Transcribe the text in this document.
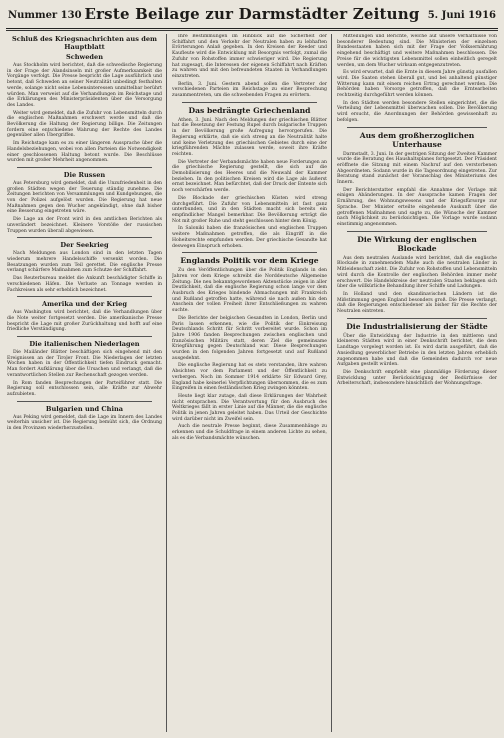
Nummer 130 Erste Beilage zur Darmstädter Zeitung 5. Juni 1916
Schluß des Kriegsnachrichten aus dem Hauptblatt
Schweden
Aus Stockholm wird berichtet, daß die schwedische Regierung in der Frage der Alandsinseln mit großer Aufmerksamkeit die Vorgänge verfolgt. Die Presse bespricht die Lage ausführlich und betont, daß Schweden an seiner Neutralität unbedingt festhalten werde, solange nicht seine Lebensinteressen unmittelbar berührt würden. Man verweist auf die Verhandlungen im Reichstage und die Erklärungen des Ministerpräsidenten über die Versorgung des Landes.
Weiter wird gemeldet, daß die Zufuhr von Lebensmitteln durch die englischen Maßnahmen erschwert werde und daß die Bevölkerung die Haltung der Regierung billige. Die Zeitungen fordern eine entschiedene Wahrung der Rechte des Landes gegenüber allen Übergriffen.
Im Reichstage kam es zu einer längeren Aussprache über die Handelsbeziehungen, wobei von allen Parteien die Notwendigkeit einer geschlossenen Haltung betont wurde. Die Beschlüsse wurden mit großer Mehrheit angenommen.
Die Russen
Aus Petersburg wird gemeldet, daß die Unzufriedenheit in den großen Städten wegen der Teuerung ständig zunehme. Die Zeitungen berichten von Versammlungen und Kundgebungen, die von der Polizei aufgelöst wurden. Die Regierung hat neue Maßnahmen gegen den Wucher angekündigt, ohne daß bisher eine Besserung eingetreten wäre.
Die Lage an der Front wird in den amtlichen Berichten als unverändert bezeichnet. Kleinere Vorstöße der russischen Truppen wurden überall abgewiesen.
Der Seekrieg
Nach Meldungen aus London sind in den letzten Tagen wiederum mehrere Handelsschiffe versenkt worden. Die Besatzungen wurden zum Teil gerettet. Die englische Presse verlangt schärfere Maßnahmen zum Schutze der Schiffahrt.
Das Reuterbureau meldet die Ankunft beschädigter Schiffe in verschiedenen Häfen. Die Verluste an Tonnage werden in Fachkreisen als sehr erheblich bezeichnet.
Amerika und der Krieg
Aus Washington wird berichtet, daß die Verhandlungen über die Note weiter fortgesetzt werden. Die amerikanische Presse bespricht die Lage mit großer Zurückhaltung und hofft auf eine friedliche Verständigung.
Die italienischen Niederlagen
Die Mailänder Blätter beschäftigen sich eingehend mit den Ereignissen an der Tiroler Front. Die Niederlagen der letzten Wochen haben in der Öffentlichkeit tiefen Eindruck gemacht. Man fordert Aufklärung über die Ursachen und verlangt, daß die verantwortlichen Stellen zur Rechenschaft gezogen werden.
In Rom fanden Besprechungen der Parteiführer statt. Die Regierung soll entschlossen sein, alle Kräfte zur Abwehr aufzubieten.
Bulgarien und China
Aus Peking wird gemeldet, daß die Lage im Innern des Landes weiterhin unsicher ist. Die Regierung bemüht sich, die Ordnung in den Provinzen wiederherzustellen.
Ihre Bestimmungen im Hinblick auf die Sicherheit der Schiffahrt und den Verkehr der Neutralen haben zu lebhaften Erörterungen Anlaß gegeben. In den Kreisen der Reeder und Kaufleute wird die Entwicklung mit Besorgnis verfolgt, zumal die Zufuhr von Rohstoffen immer schwieriger wird. Die Regierung hat zugesagt, die Interessen der eigenen Schiffahrt nach Kräften zu wahren und mit den befreundeten Staaten in Verhandlungen einzutreten.
Berlin, 3. Juni. Gestern abend sollen die Vertreter der verschiedenen Parteien im Reichstage zu einer Besprechung zusammentreten, um die schwebenden Fragen zu erörtern.
Das bedrängte Griechenland
Athen, 3. Juni. Nach den Meldungen der griechischen Blätter hat die Besetzung der Festung Rupel durch bulgarische Truppen in der Bevölkerung große Aufregung hervorgerufen. Die Regierung erklärte, daß sie sich streng an die Neutralität halte und keine Verletzung des griechischen Gebietes durch eine der kriegführenden Mächte zulassen werde, soweit ihre Kräfte reichten.
Die Vertreter der Verbandsmächte haben neue Forderungen an die griechische Regierung gestellt, die sich auf die Demobilisierung des Heeres und die Neuwahl der Kammer beziehen. In den politischen Kreisen wird die Lage als äußerst ernst bezeichnet. Man befürchtet, daß der Druck der Entente sich noch verschärfen werde.
Die Blockade der griechischen Küsten wird streng durchgeführt. Die Zufuhr von Lebensmitteln ist fast ganz unterbunden, und in den Städten macht sich bereits ein empfindlicher Mangel bemerkbar. Die Bevölkerung erträgt die Not mit großer Ruhe und steht geschlossen hinter dem König.
In Saloniki haben die französischen und englischen Truppen weitere Maßnahmen getroffen, die als Eingriff in die Hoheitsrechte empfunden werden. Der griechische Gesandte hat deswegen Einspruch erhoben.
Englands Politik vor dem Kriege
Zu den Veröffentlichungen über die Politik Englands in den Jahren vor dem Kriege schreibt die Norddeutsche Allgemeine Zeitung: Die neu bekanntgewordenen Aktenstücke zeigen in aller Deutlichkeit, daß die englische Regierung schon lange vor dem Ausbruch des Krieges bindende Abmachungen mit Frankreich und Rußland getroffen hatte, während sie nach außen hin den Anschein der vollen Freiheit ihrer Entschließungen zu wahren suchte.
Die Berichte der belgischen Gesandten in London, Berlin und Paris lassen erkennen, wie die Politik der Einkreisung Deutschlands Schritt für Schritt vorbereitet wurde. Schon im Jahre 1906 fanden Besprechungen zwischen englischen und französischen Militärs statt, deren Ziel die gemeinsame Kriegführung gegen Deutschland war. Diese Besprechungen wurden in den folgenden Jahren fortgesetzt und auf Rußland ausgedehnt.
Die englische Regierung hat es stets verstanden, ihre wahren Absichten vor dem Parlament und der Öffentlichkeit zu verbergen. Noch im Sommer 1914 erklärte Sir Edward Grey, England habe keinerlei Verpflichtungen übernommen, die es zum Eingreifen in einen festländischen Krieg zwingen könnten.
Heute liegt klar zutage, daß diese Erklärungen der Wahrheit nicht entsprachen. Die Verantwortung für den Ausbruch des Weltkrieges fällt in erster Linie auf die Männer, die die englische Politik in jenen Jahren geleitet haben. Das Urteil der Geschichte wird darüber nicht im Zweifel sein.
Auch die neutrale Presse beginnt, diese Zusammenhänge zu erkennen und die Schuldfrage in einem anderen Lichte zu sehen, als es die Verbandsmächte wünschen.
Mitteilungen und Berichte, welche auf unsere Verhältnisse von besonderer Bedeutung sind. Die Ministerien der einzelnen Bundesstaaten haben sich mit der Frage der Volksernährung eingehend beschäftigt und weitere Maßnahmen beschlossen. Die Preise für die wichtigsten Lebensmittel sollen einheitlich geregelt werden, um dem Wucher wirksam entgegenzutreten.
Es wird erwartet, daß die Ernte in diesem Jahre günstig ausfallen wird. Die Saaten stehen überall gut, und bei anhaltend günstiger Witterung kann mit einem reichen Ertrag gerechnet werden. Die Behörden haben Vorsorge getroffen, daß die Erntearbeiten rechtzeitig durchgeführt werden können.
In den Städten werden besondere Stellen eingerichtet, die die Verteilung der Lebensmittel überwachen sollen. Die Bevölkerung wird ersucht, die Anordnungen der Behörden gewissenhaft zu befolgen.
Aus dem großherzoglichen Unterhause
Darmstadt, 3. Juni. In der gestrigen Sitzung der Zweiten Kammer wurde die Beratung des Haushaltsplanes fortgesetzt. Der Präsident eröffnete die Sitzung mit einem Nachruf auf den verstorbenen Abgeordneten. Sodann wurde in die Tagesordnung eingetreten. Zur Beratung stand zunächst der Voranschlag des Ministeriums des Innern.
Der Berichterstatter empfahl die Annahme der Vorlage mit einigen Abänderungen. In der Aussprache kamen Fragen der Ernährung, des Wohnungswesens und der Kriegsfürsorge zur Sprache. Der Minister erteilte eingehende Auskunft über die getroffenen Maßnahmen und sagte zu, die Wünsche der Kammer nach Möglichkeit zu berücksichtigen. Die Vorlage wurde sodann einstimmig angenommen.
Die Wirkung der englischen Blockade
Aus dem neutralen Auslande wird berichtet, daß die englische Blockade in zunehmendem Maße auch die neutralen Länder in Mitleidenschaft zieht. Die Zufuhr von Rohstoffen und Lebensmitteln wird durch die Kontrolle der englischen Behörden immer mehr erschwert. Die Handelskreise der neutralen Staaten beklagen sich über die willkürliche Behandlung ihrer Schiffe und Ladungen.
In Holland und den skandinavischen Ländern ist die Mißstimmung gegen England besonders groß. Die Presse verlangt, daß die Regierungen entschiedener als bisher für die Rechte der Neutralen eintreten.
Die Industrialisierung der Städte
Über die Entwicklung der Industrie in den mittleren und kleineren Städten wird in einer Denkschrift berichtet, die dem Landtage vorgelegt worden ist. Es wird darin ausgeführt, daß die Ansiedlung gewerblicher Betriebe in den letzten Jahren erheblich zugenommen habe und daß die Gemeinden dadurch vor neue Aufgaben gestellt würden.
Die Denkschrift empfiehlt eine planmäßige Förderung dieser Entwicklung unter Berücksichtigung der Bedürfnisse der Arbeiterschaft, insbesondere hinsichtlich der Wohnungsfrage.
